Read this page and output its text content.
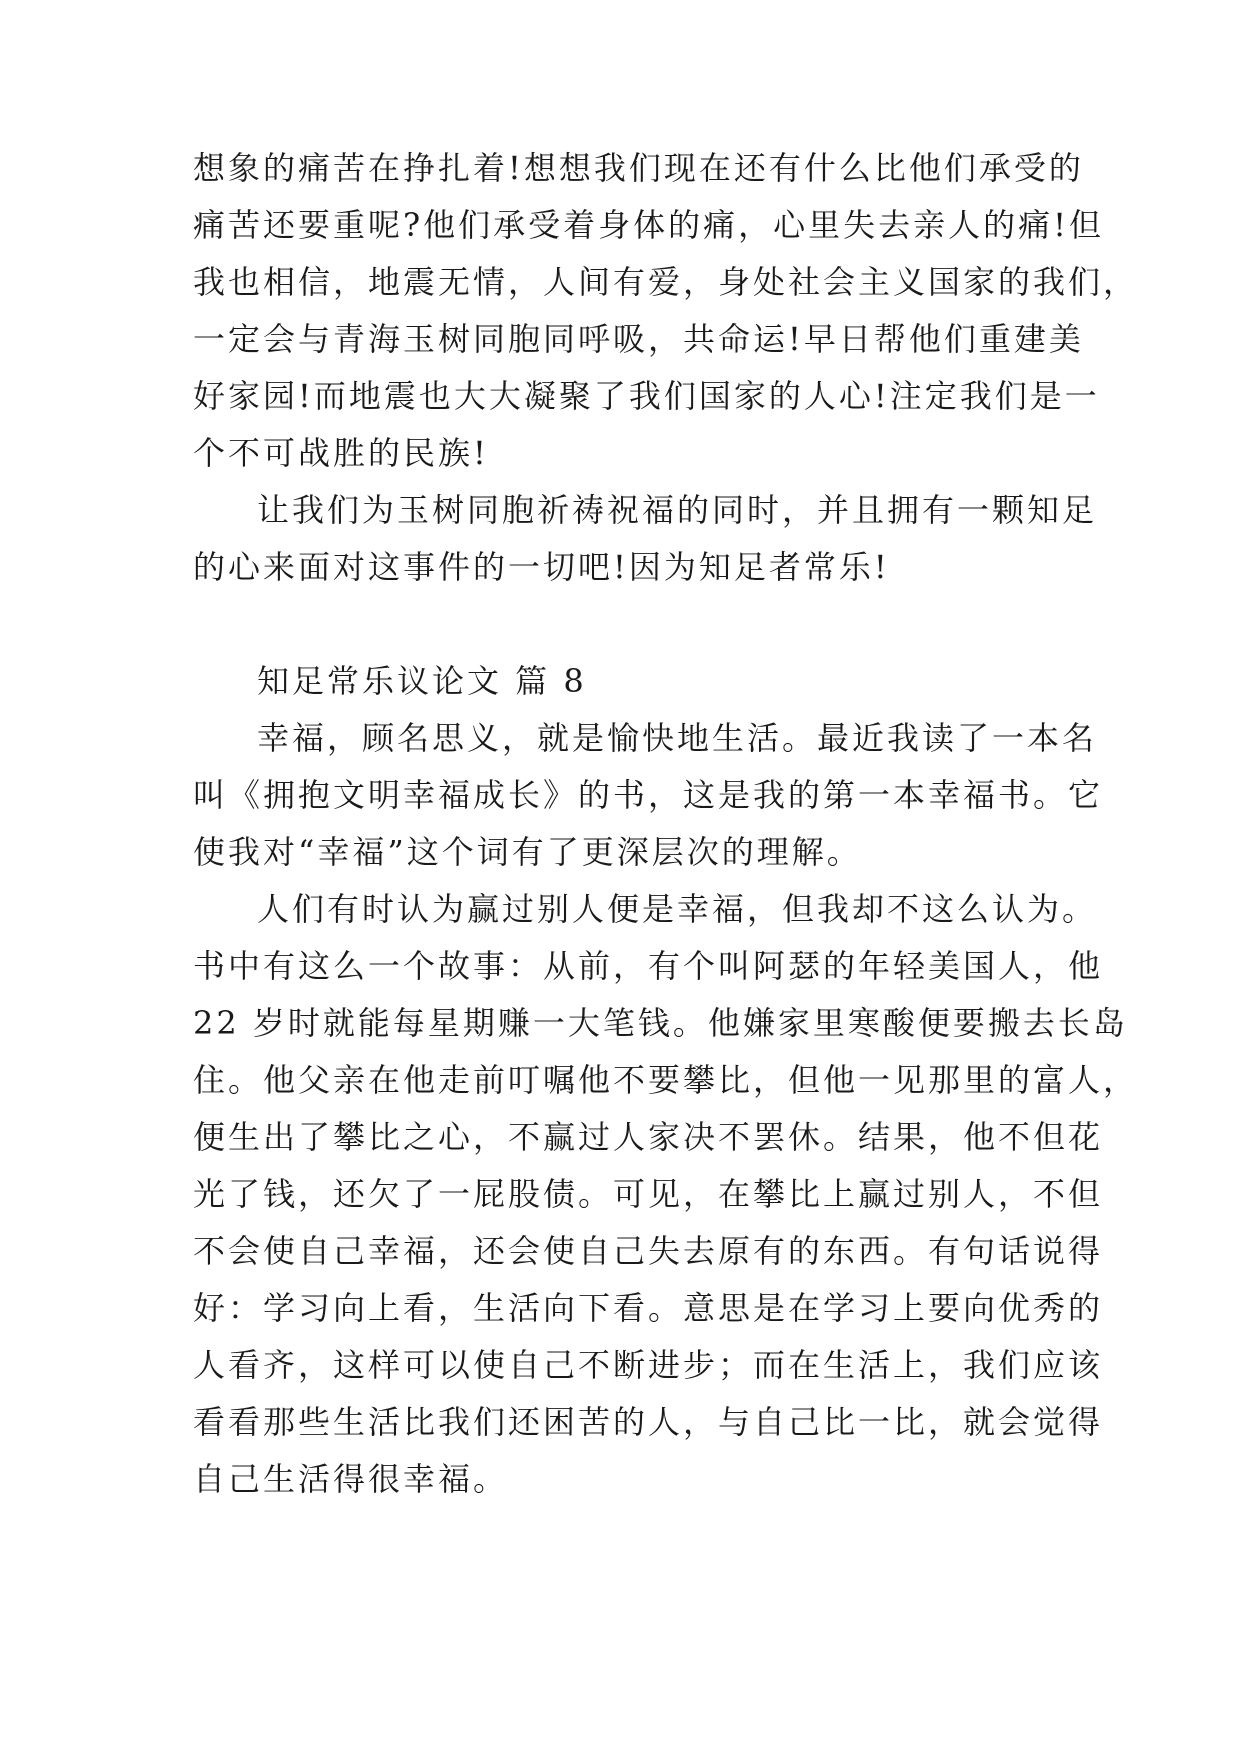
想象的痛苦在挣扎着!想想我们现在还有什么比他们承受的
痛苦还要重呢?他们承受着身体的痛，心里失去亲人的痛!但
我也相信，地震无情，人间有爱，身处社会主义国家的我们，
一定会与青海玉树同胞同呼吸，共命运!早日帮他们重建美
好家园!而地震也大大凝聚了我们国家的人心!注定我们是一
个不可战胜的民族!
让我们为玉树同胞祈祷祝福的同时，并且拥有一颗知足
的心来面对这事件的一切吧!因为知足者常乐!
知足常乐议论文 篇 8
幸福，顾名思义，就是愉快地生活。最近我读了一本名
叫《拥抱文明幸福成长》的书，这是我的第一本幸福书。它
使我对“幸福”这个词有了更深层次的理解。
人们有时认为赢过别人便是幸福，但我却不这么认为。
书中有这么一个故事：从前，有个叫阿瑟的年轻美国人，他
22 岁时就能每星期赚一大笔钱。他嫌家里寒酸便要搬去长岛
住。他父亲在他走前叮嘱他不要攀比，但他一见那里的富人，
便生出了攀比之心，不赢过人家决不罢休。结果，他不但花
光了钱，还欠了一屁股债。可见，在攀比上赢过别人，不但
不会使自己幸福，还会使自己失去原有的东西。有句话说得
好：学习向上看，生活向下看。意思是在学习上要向优秀的
人看齐，这样可以使自己不断进步；而在生活上，我们应该
看看那些生活比我们还困苦的人，与自己比一比，就会觉得
自己生活得很幸福。
